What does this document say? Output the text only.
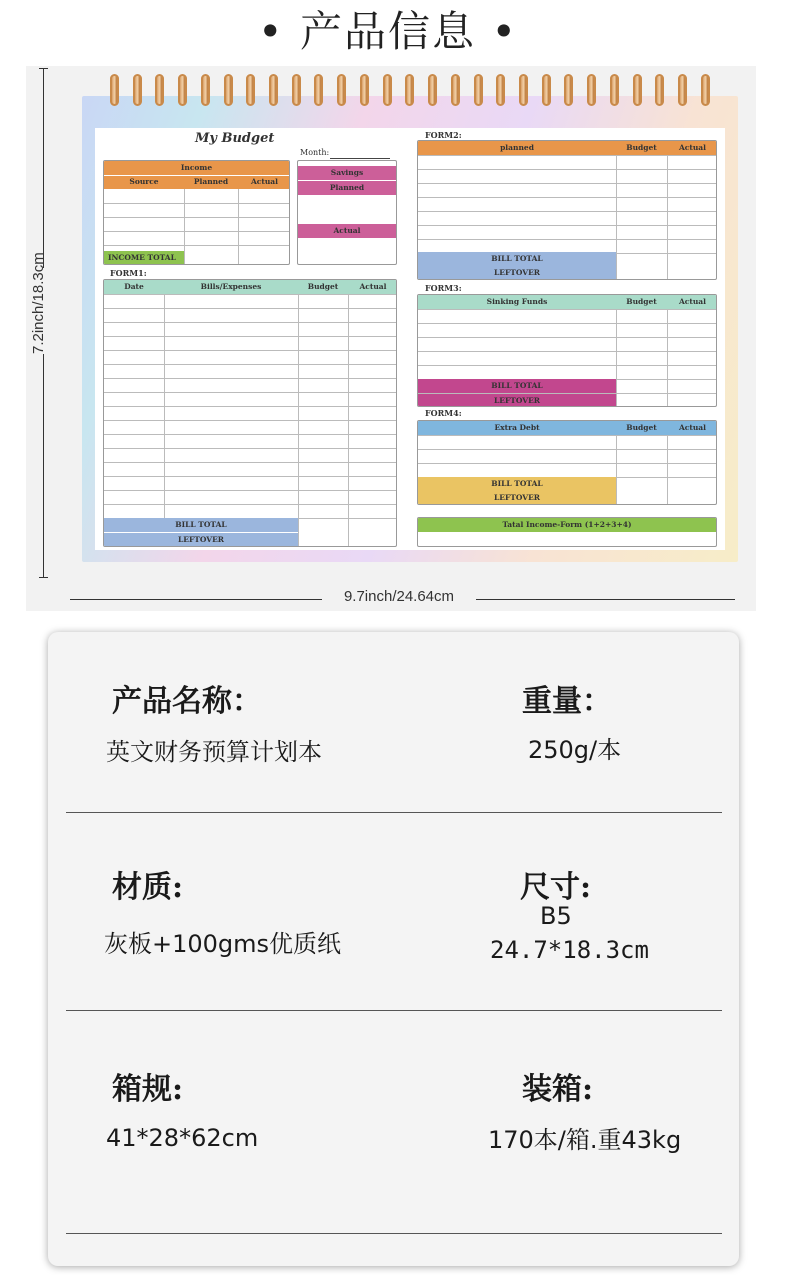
• 产品信息 •
7.2inch/18.3cm
9.7inch/24.64cm
My Budget
Month:
Income
Source	Planned	Actual
INCOME TOTAL
Savings
Planned
Actual
FORM1:
Date	Bills/Expenses	Budget	Actual
BILL TOTAL
LEFTOVER
FORM2:
planned	Budget	Actual
BILL TOTAL
LEFTOVER
FORM3:
Sinking Funds	Budget	Actual
BILL TOTAL
LEFTOVER
FORM4:
Extra Debt	Budget	Actual
BILL TOTAL
LEFTOVER
Tatal Income-Form (1+2+3+4)
产品名称：
英文财务预算计划本
重量：
250g/本
材质:
灰板+100gms优质纸
尺寸:
B5
24.7*18.3cm
箱规:
41*28*62cm
装箱:
170本/箱.重43kg
